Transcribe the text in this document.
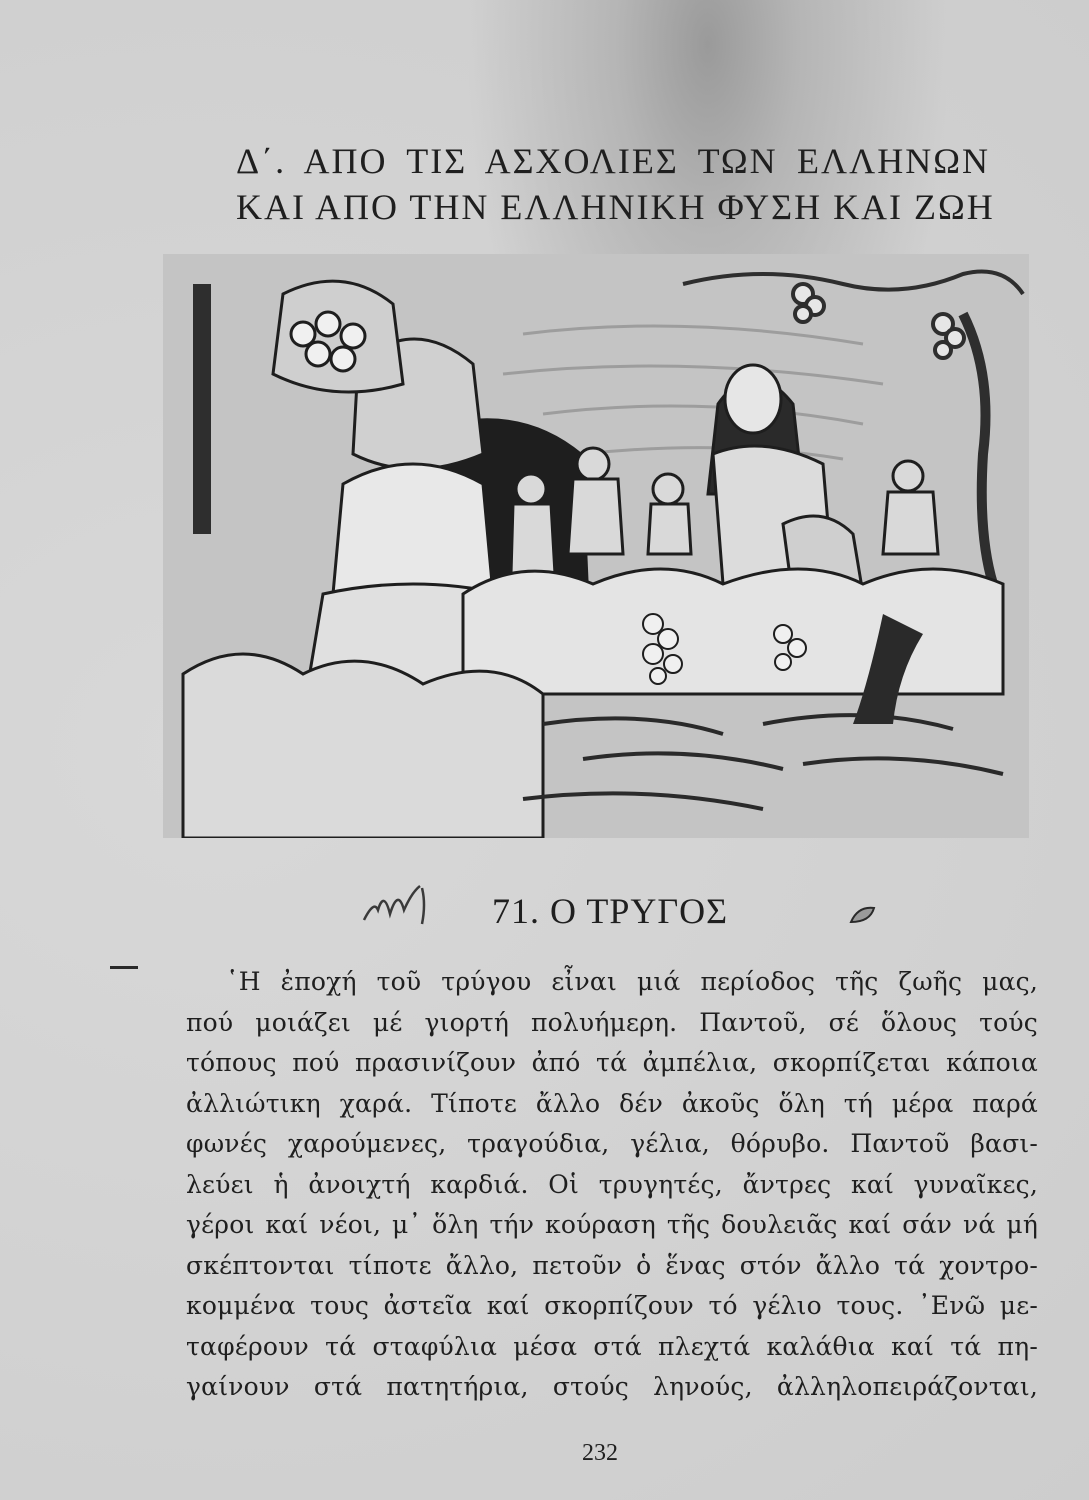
Δ΄. ΑΠΟ ΤΙΣ ΑΣΧΟΛΙΕΣ ΤΩΝ ΕΛΛΗΝΩΝ
ΚΑΙ ΑΠΟ ΤΗΝ ΕΛΛΗΝΙΚΗ ΦΥΣΗ ΚΑΙ ΖΩΗ
71. Ο ΤΡΥΓΟΣ
῾Η ἐποχή τοῦ τρύγου εἶναι μιά περίοδος τῆς ζωῆς μας,
πού μοιάζει μέ γιορτή πολυήμερη. Παντοῦ, σέ ὅλους τούς
τόπους πού πρασινίζουν ἀπό τά ἀμπέλια, σκορπίζεται κάποια
ἀλλιώτικη χαρά. Τίποτε ἄλλο δέν ἀκοῦς ὅλη τή μέρα παρά
φωνές χαρούμενες, τραγούδια, γέλια, θόρυβο. Παντοῦ βασι-
λεύει ἡ ἀνοιχτή καρδιά. Οἱ τρυγητές, ἄντρες καί γυναῖκες,
γέροι καί νέοι, μ᾽ ὅλη τήν κούραση τῆς δουλειᾶς καί σάν νά μή
σκέπτονται τίποτε ἄλλο, πετοῦν ὁ ἕνας στόν ἄλλο τά χοντρο-
κομμένα τους ἀστεῖα καί σκορπίζουν τό γέλιο τους. ᾽Ενῶ με-
ταφέρουν τά σταφύλια μέσα στά πλεχτά καλάθια καί τά πη-
γαίνουν στά πατητήρια, στούς ληνούς, ἀλληλοπειράζονται,
232
